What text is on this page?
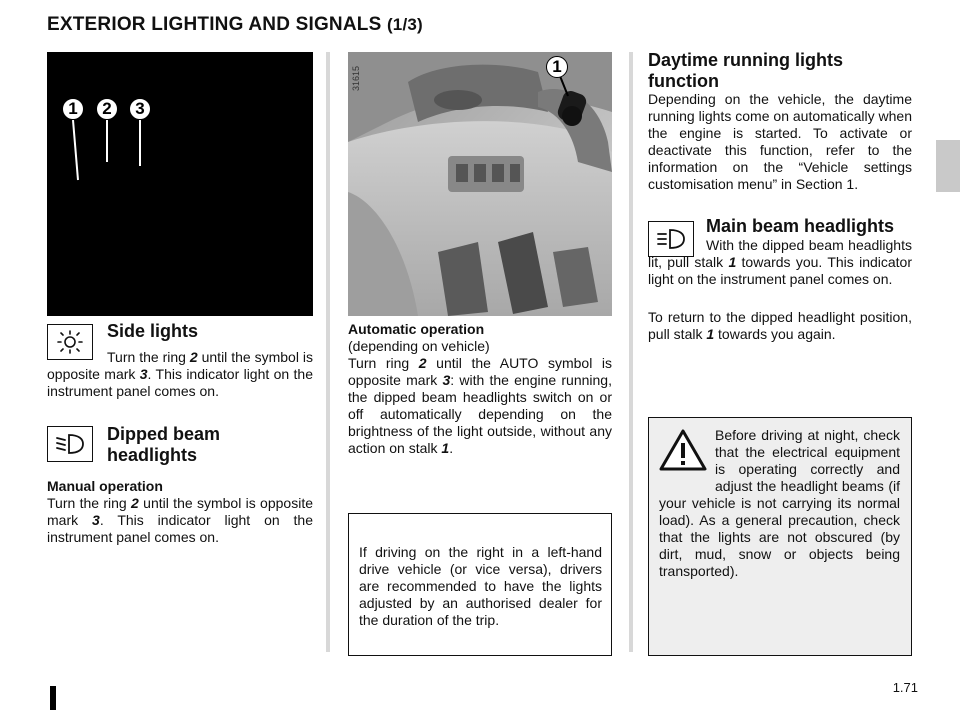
EXTERIOR LIGHTING AND SIGNALS (1/3)
1	2	3
31615	1
Side lights
Turn the ring 2 until the symbol is opposite mark 3. This indicator light on the instrument panel comes on.
Dipped beam
headlights
Manual operation
Turn the ring 2 until the symbol is opposite mark 3. This indicator light on the instrument panel comes on.
Automatic operation
(depending on vehicle)
Turn ring 2 until the AUTO symbol is opposite mark 3: with the engine running, the dipped beam headlights switch on or off automatically depending on the brightness of the light outside, without any action on stalk 1.
If driving on the right in a left-hand drive vehicle (or vice versa), drivers are recommended to have the lights adjusted by an authorised dealer for the duration of the trip.
Daytime running lights
function
Depending on the vehicle, the daytime running lights come on automatically when the engine is started. To activate or deactivate this function, refer to the information on the “Vehicle settings customisation menu” in Section 1.
Main beam headlights
With the dipped beam headlights lit, pull stalk 1 towards you. This indicator light on the instrument panel comes on.
To return to the dipped headlight position, pull stalk 1 towards you again.
Before driving at night, check that the electrical equipment is operating correctly and adjust the headlight beams (if your vehicle is not carrying its normal load). As a general precaution, check that the lights are not obscured (by dirt, mud, snow or objects being transported).
1.71
